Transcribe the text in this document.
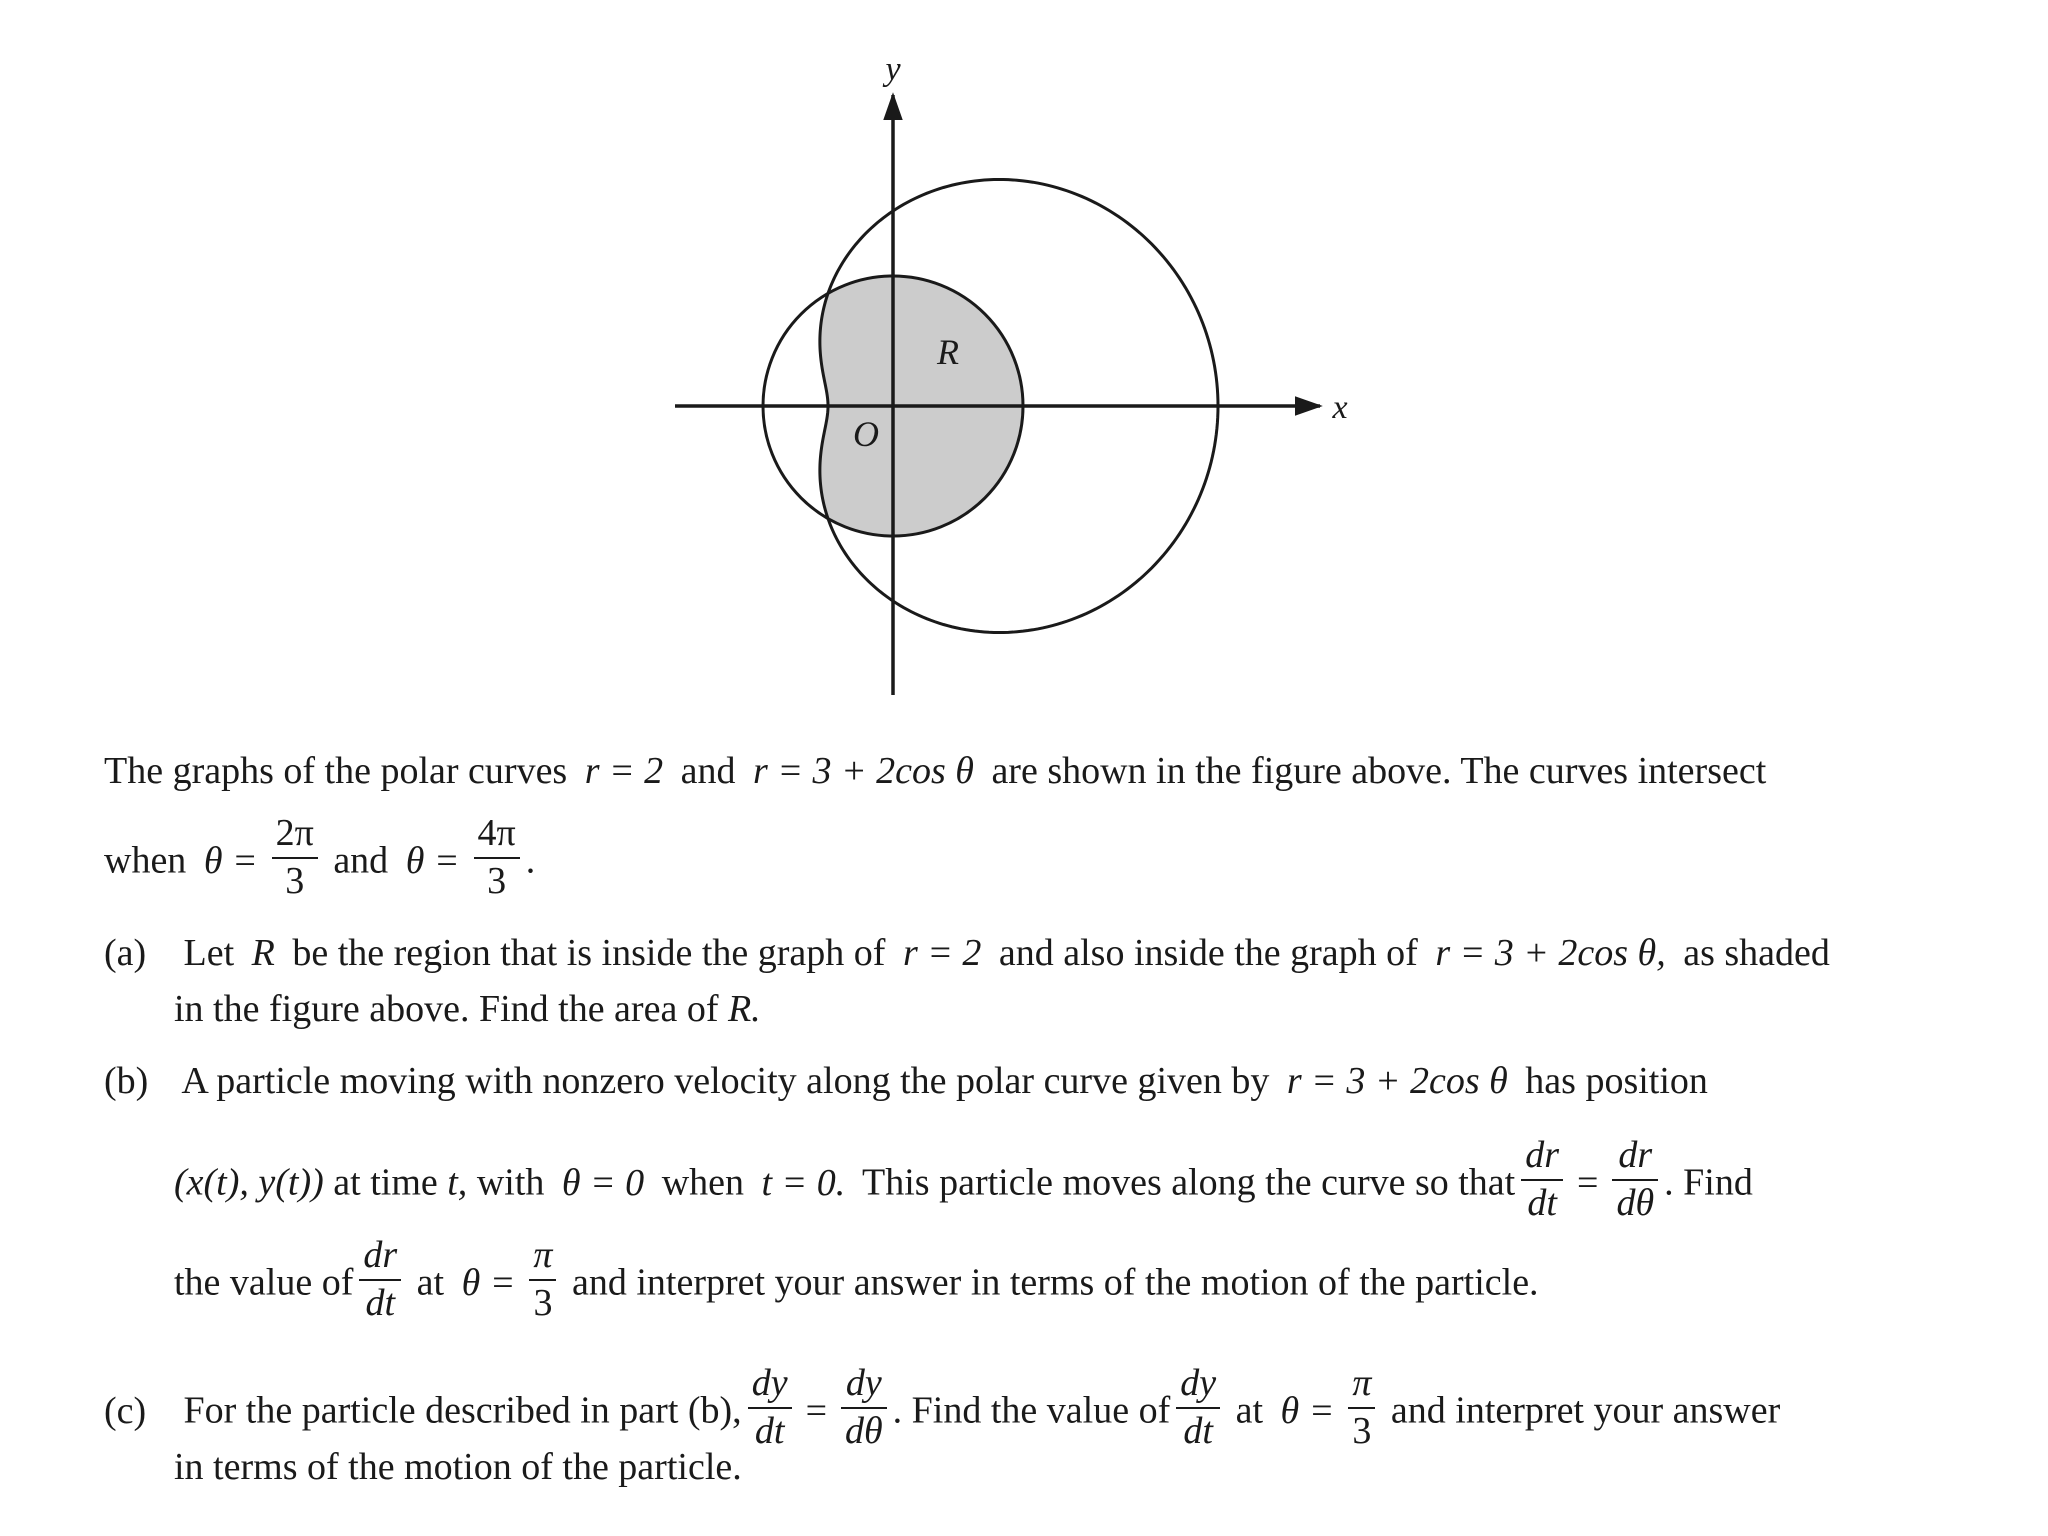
y
x
O
R
The graphs of the polar curves r = 2 and r = 3 + 2cos θ are shown in the figure above. The curves intersect
when $\theta = \frac{2\pi}{3}$ and $\theta = \frac{4\pi}{3}$ .
(a) Let R be the region that is inside the graph of r = 2 and also inside the graph of r = 3 + 2cos θ, as shaded
in the figure above. Find the area of R.
(b) A particle moving with nonzero velocity along the polar curve given by r = 3 + 2cos θ has position
(x(t), y(t)) at time t, with θ = 0 when t = 0. This particle moves along the curve so that $\frac{dr}{dt} = \frac{dr}{d\theta}$ . Find
the value of $\frac{dr}{dt}$ at $\theta = \frac{\pi}{3}$ and interpret your answer in terms of the motion of the particle.
(c) For the particle described in part (b), $\frac{dy}{dt} = \frac{dy}{d\theta}$ . Find the value of $\frac{dy}{dt}$ at $\theta = \frac{\pi}{3}$ and interpret your answer
in terms of the motion of the particle.
